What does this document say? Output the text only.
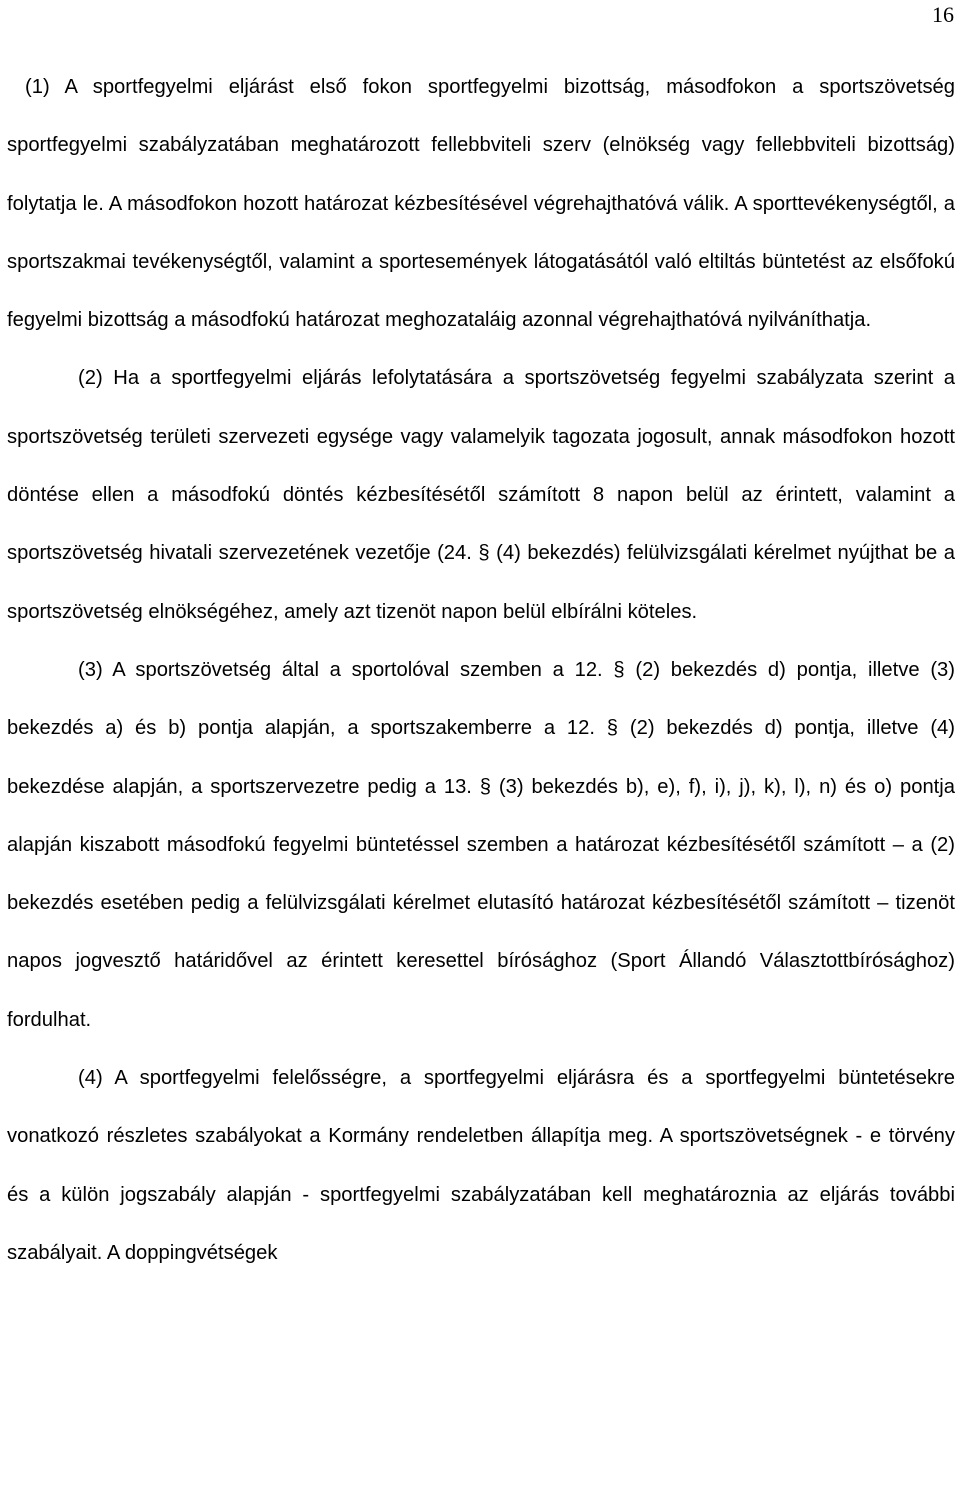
16

(1) A sportfegyelmi eljárást első fokon sportfegyelmi bizottság, másodfokon a sportszövetség sportfegyelmi szabályzatában meghatározott fellebbviteli szerv (elnökség vagy fellebbviteli bizottság) folytatja le. A másodfokon hozott határozat kézbesítésével végrehajthatóvá válik. A sporttevékenységtől, a sportszakmai tevékenységtől, valamint a sportesemények látogatásától való eltiltás büntetést az elsőfokú fegyelmi bizottság a másodfokú határozat meghozataláig azonnal végrehajthatóvá nyilváníthatja.

(2) Ha a sportfegyelmi eljárás lefolytatására a sportszövetség fegyelmi szabályzata szerint a sportszövetség területi szervezeti egysége vagy valamelyik tagozata jogosult, annak másodfokon hozott döntése ellen a másodfokú döntés kézbesítésétől számított 8 napon belül az érintett, valamint a sportszövetség hivatali szervezetének vezetője (24. § (4) bekezdés) felülvizsgálati kérelmet nyújthat be a sportszövetség elnökségéhez, amely azt tizenöt napon belül elbírálni köteles.

(3) A sportszövetség által a sportolóval szemben a 12. § (2) bekezdés d) pontja, illetve (3) bekezdés a) és b) pontja alapján, a sportszakemberre a 12. § (2) bekezdés d) pontja, illetve (4) bekezdése alapján, a sportszervezetre pedig a 13. § (3) bekezdés b), e), f), i), j), k), l), n) és o) pontja alapján kiszabott másodfokú fegyelmi büntetéssel szemben a határozat kézbesítésétől számított – a (2) bekezdés esetében pedig a felülvizsgálati kérelmet elutasító határozat kézbesítésétől számított – tizenöt napos jogvesztő határidővel az érintett keresettel bírósághoz (Sport Állandó Választottbírósághoz) fordulhat.

(4) A sportfegyelmi felelősségre, a sportfegyelmi eljárásra és a sportfegyelmi büntetésekre vonatkozó részletes szabályokat a Kormány rendeletben állapítja meg. A sportszövetségnek - e törvény és a külön jogszabály alapján - sportfegyelmi szabályzatában kell meghatároznia az eljárás további szabályait. A doppingvétségek
